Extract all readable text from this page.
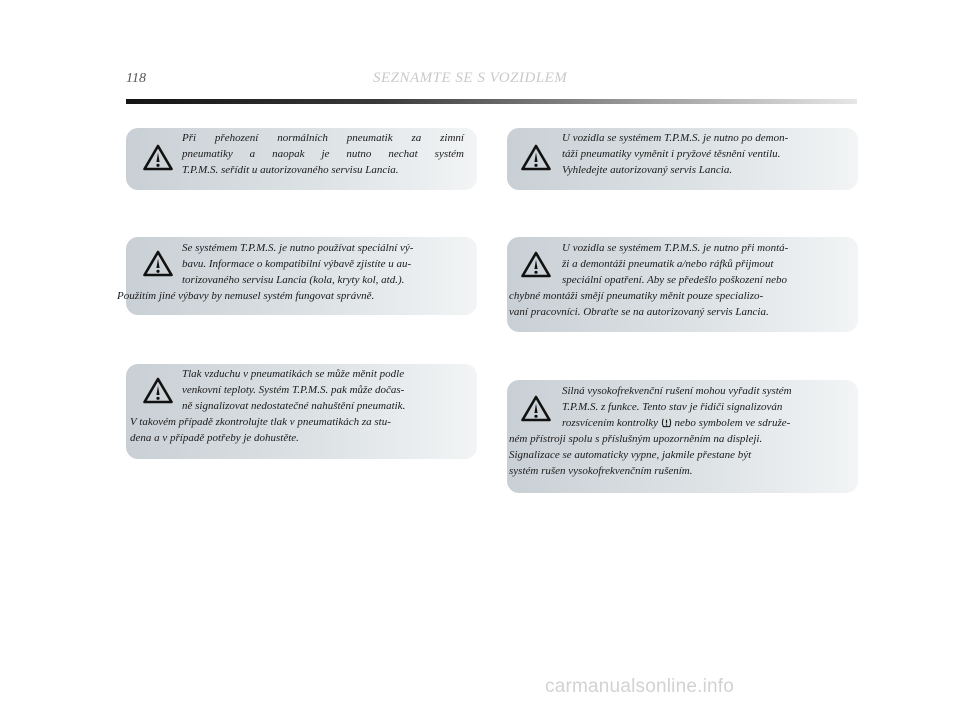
118	SEZNAMTE SE S VOZIDLEM
Při přehození normálních pneumatik za zimní
pneumatiky a naopak je nutno nechat systém
T.P.M.S. seřídit u autorizovaného servisu Lancia.
Se systémem T.P.M.S. je nutno používat speciální vý-
bavu. Informace o kompatibilní výbavě zjistíte u au-
torizovaného servisu Lancia (kola, kryty kol, atd.).
Použitím jiné výbavy by nemusel systém fungovat správně.
Tlak vzduchu v pneumatikách se může měnit podle
venkovní teploty. Systém T.P.M.S. pak může dočas-
ně signalizovat nedostatečné nahuštění pneumatik.
V takovém případě zkontrolujte tlak v pneumatikách za stu-
dena a v případě potřeby je dohustěte.
U vozidla se systémem T.P.M.S. je nutno po demon-
táži pneumatiky vyměnit i pryžové těsnění ventilu.
Vyhledejte autorizovaný servis Lancia.
U vozidla se systémem T.P.M.S. je nutno při montá-
ži a demontáži pneumatik a/nebo ráfků přijmout
speciální opatření. Aby se předešlo poškození nebo
chybné montáži smějí pneumatiky měnit pouze specializo-
vaní pracovníci. Obraťte se na autorizovaný servis Lancia.
Silná vysokofrekvenční rušení mohou vyřadit systém
T.P.M.S. z funkce. Tento stav je řidiči signalizován
rozsvícením kontrolky nebo symbolem ve sdruže-
ném přístroji spolu s příslušným upozorněním na displeji.
Signalizace se automaticky vypne, jakmile přestane být
systém rušen vysokofrekvenčním rušením.
carmanualsonline.info
